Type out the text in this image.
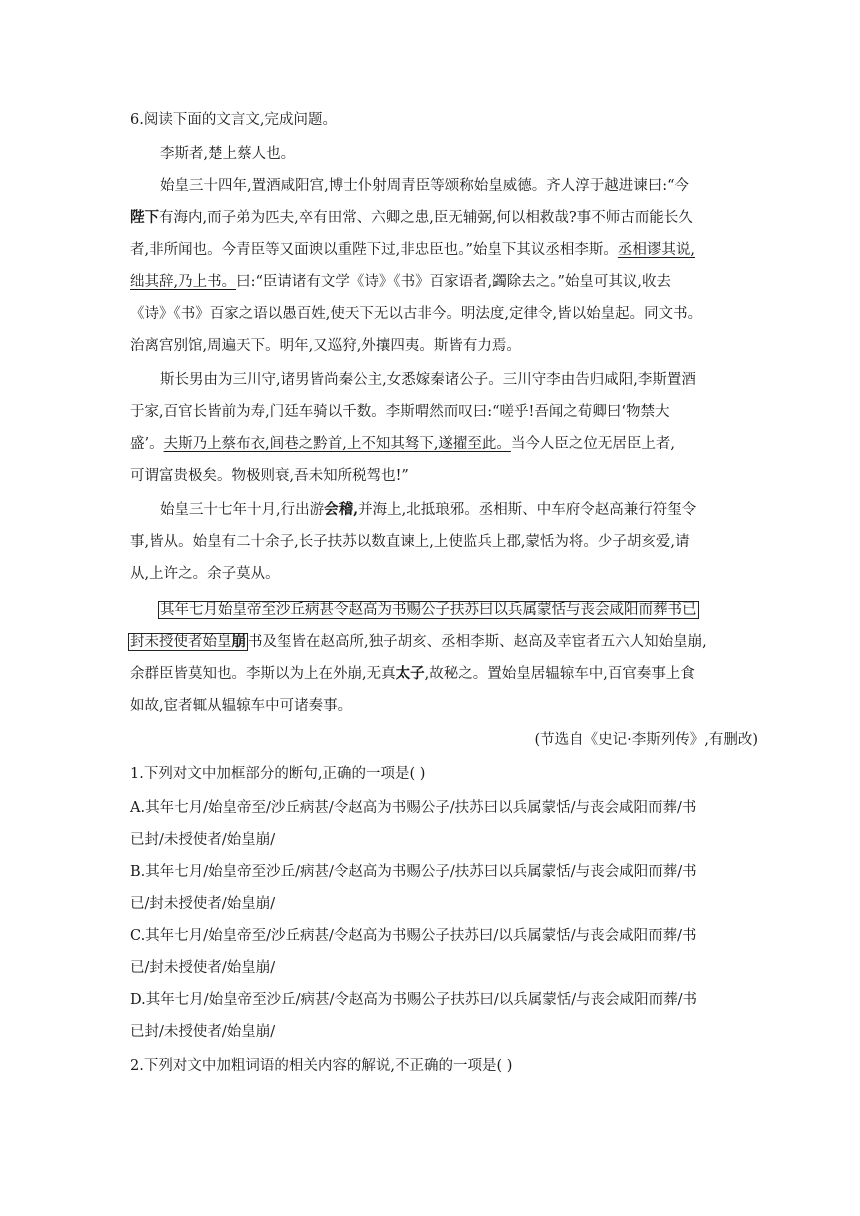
6.阅读下面的文言文,完成问题。
李斯者,楚上蔡人也。
始皇三十四年,置酒咸阳宫,博士仆射周青臣等颂称始皇威德。齐人淳于越进谏曰:“今
陛下有海内,而子弟为匹夫,卒有田常、六卿之患,臣无辅弼,何以相救哉?事不师古而能长久
者,非所闻也。今青臣等又面谀以重陛下过,非忠臣也。”始皇下其议丞相李斯。丞相谬其说,
绌其辞,乃上书。曰:“臣请诸有文学《诗》《书》百家语者,蠲除去之。”始皇可其议,收去
《诗》《书》百家之语以愚百姓,使天下无以古非今。明法度,定律令,皆以始皇起。同文书。
治离宫别馆,周遍天下。明年,又巡狩,外攘四夷。斯皆有力焉。
斯长男由为三川守,诸男皆尚秦公主,女悉嫁秦诸公子。三川守李由告归咸阳,李斯置酒
于家,百官长皆前为寿,门廷车骑以千数。李斯喟然而叹曰:“嗟乎!吾闻之荀卿曰‘物禁大
盛’。夫斯乃上蔡布衣,闾巷之黔首,上不知其驽下,遂擢至此。当今人臣之位无居臣上者,
可谓富贵极矣。物极则衰,吾未知所税驾也!”
始皇三十七年十月,行出游会稽,并海上,北抵琅邪。丞相斯、中车府令赵高兼行符玺令
事,皆从。始皇有二十余子,长子扶苏以数直谏上,上使监兵上郡,蒙恬为将。少子胡亥爱,请
从,上许之。余子莫从。
其年七月始皇帝至沙丘病甚令赵高为书赐公子扶苏曰以兵属蒙恬与丧会咸阳而葬书已
封未授使者始皇崩 书及玺皆在赵高所,独子胡亥、丞相李斯、赵高及幸宦者五六人知始皇崩,
余群臣皆莫知也。李斯以为上在外崩,无真太子,故秘之。置始皇居辒辌车中,百官奏事上食
如故,宦者辄从辒辌车中可诸奏事。
(节选自《史记·李斯列传》,有删改)
1.下列对文中加框部分的断句,正确的一项是( )
A.其年七月/始皇帝至/沙丘病甚/令赵高为书赐公子/扶苏曰以兵属蒙恬/与丧会咸阳而葬/书
已封/未授使者/始皇崩/
B.其年七月/始皇帝至沙丘/病甚/令赵高为书赐公子/扶苏曰以兵属蒙恬/与丧会咸阳而葬/书
已/封未授使者/始皇崩/
C.其年七月/始皇帝至/沙丘病甚/令赵高为书赐公子扶苏曰/以兵属蒙恬/与丧会咸阳而葬/书
已/封未授使者/始皇崩/
D.其年七月/始皇帝至沙丘/病甚/令赵高为书赐公子扶苏曰/以兵属蒙恬/与丧会咸阳而葬/书
已封/未授使者/始皇崩/
2.下列对文中加粗词语的相关内容的解说,不正确的一项是( )
